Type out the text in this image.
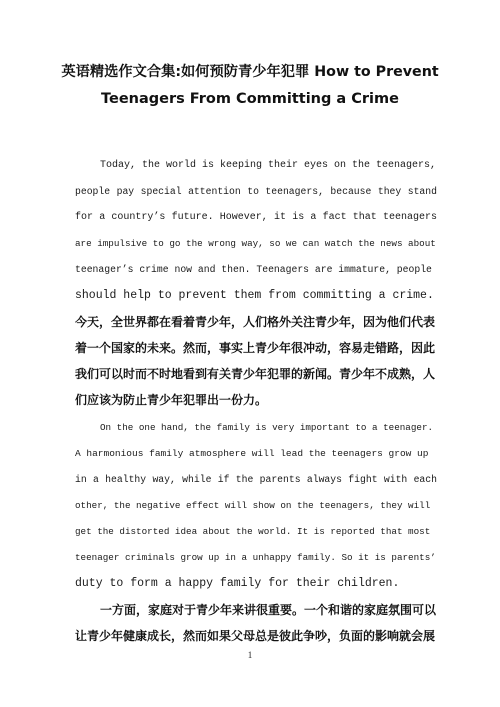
英语精选作文合集:如何预防青少年犯罪 How to Prevent
Teenagers From Committing a Crime
Today, the world is keeping their eyes on the teenagers,
people pay special attention to teenagers, because they stand
for a country’s future. However, it is a fact that teenagers
are impulsive to go the wrong way, so we can watch the news about
teenager’s crime now and then. Teenagers are immature, people
should help to prevent them from committing a crime.
今天，全世界都在看着青少年，人们格外关注青少年，因为他们代表
着一个国家的未来。然而，事实上青少年很冲动，容易走错路，因此
我们可以时而不时地看到有关青少年犯罪的新闻。青少年不成熟，人
们应该为防止青少年犯罪出一份力。
On the one hand, the family is very important to a teenager.
A harmonious family atmosphere will lead the teenagers grow up
in a healthy way, while if the parents always fight with each
other, the negative effect will show on the teenagers, they will
get the distorted idea about the world. It is reported that most
teenager criminals grow up in a unhappy family. So it is parents’
duty to form a happy family for their children.
一方面，家庭对于青少年来讲很重要。一个和谐的家庭氛围可以
让青少年健康成长，然而如果父母总是彼此争吵，负面的影响就会展
1
